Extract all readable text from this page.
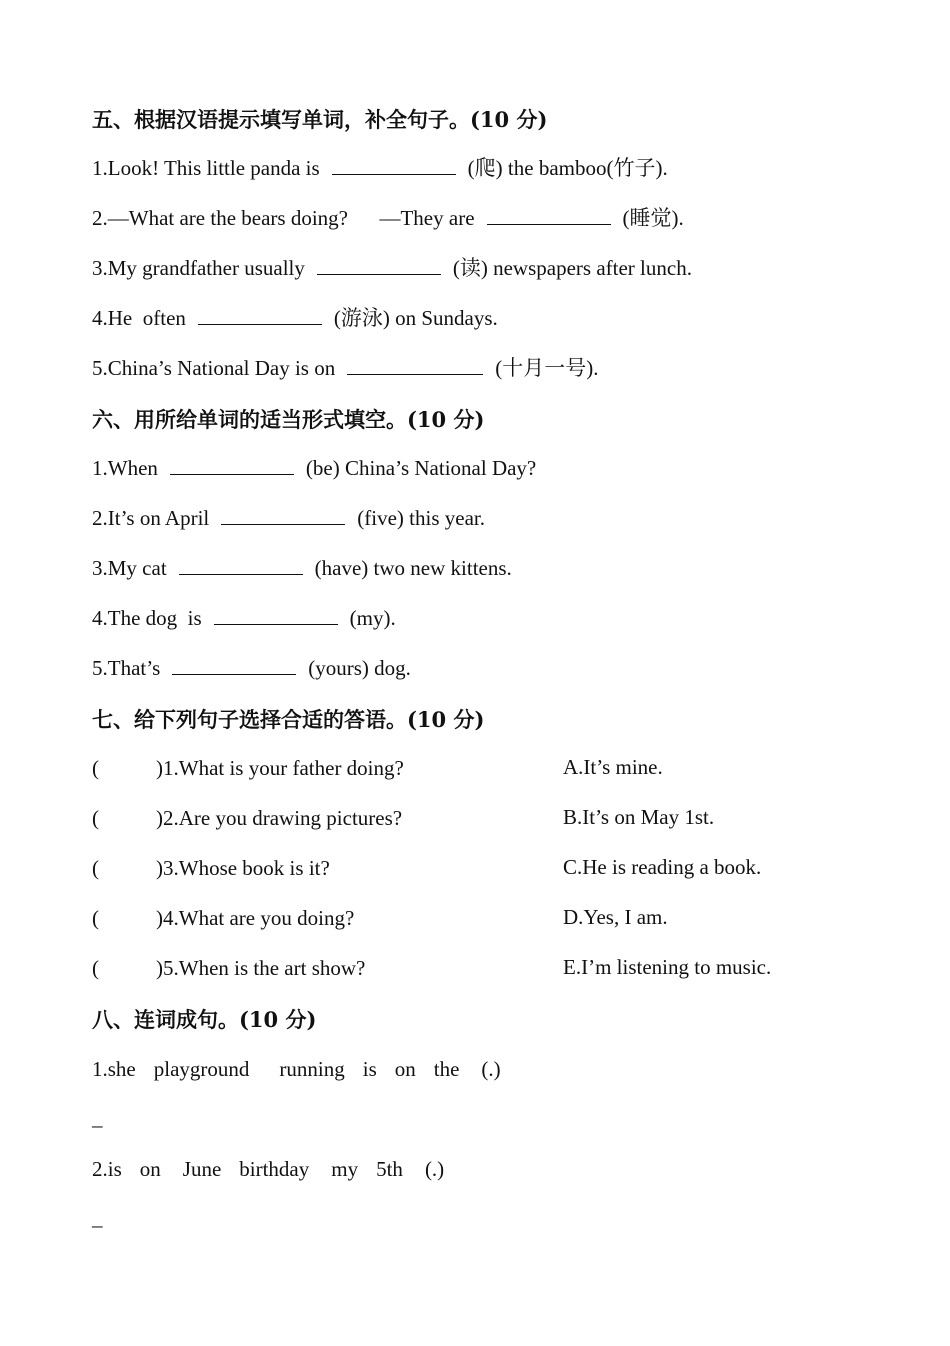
五、根据汉语提示填写单词，补全句子。(10 分)
1.Look! This little panda is	(爬) the bamboo(竹子).
2.—What are the bears doing?      —They are	(睡觉).
3.My grandfather usually	(读) newspapers after lunch.
4.He  often	(游泳) on Sundays.
5.China’s National Day is on	(十月一号).
六、用所给单词的适当形式填空。(10 分)
1.When	(be) China’s National Day?
2.It’s on April	(five) this year.
3.My cat	(have) two new kittens.
4.The dog  is	(my).
5.That’s	(yours) dog.
七、给下列句子选择合适的答语。(10 分)
(	)1.What is your father doing?	A.It’s mine.
(	)2.Are you drawing pictures?	B.It’s on May 1st.
(	)3.Whose book is it?	C.He is reading a book.
(	)4.What are you doing?	D.Yes, I am.
(	)5.When is the art show?	E.I’m listening to music.
八、连词成句。(10 分)
1.she playground running is on the (.)
_
2.is on June birthday my 5th (.)
_
